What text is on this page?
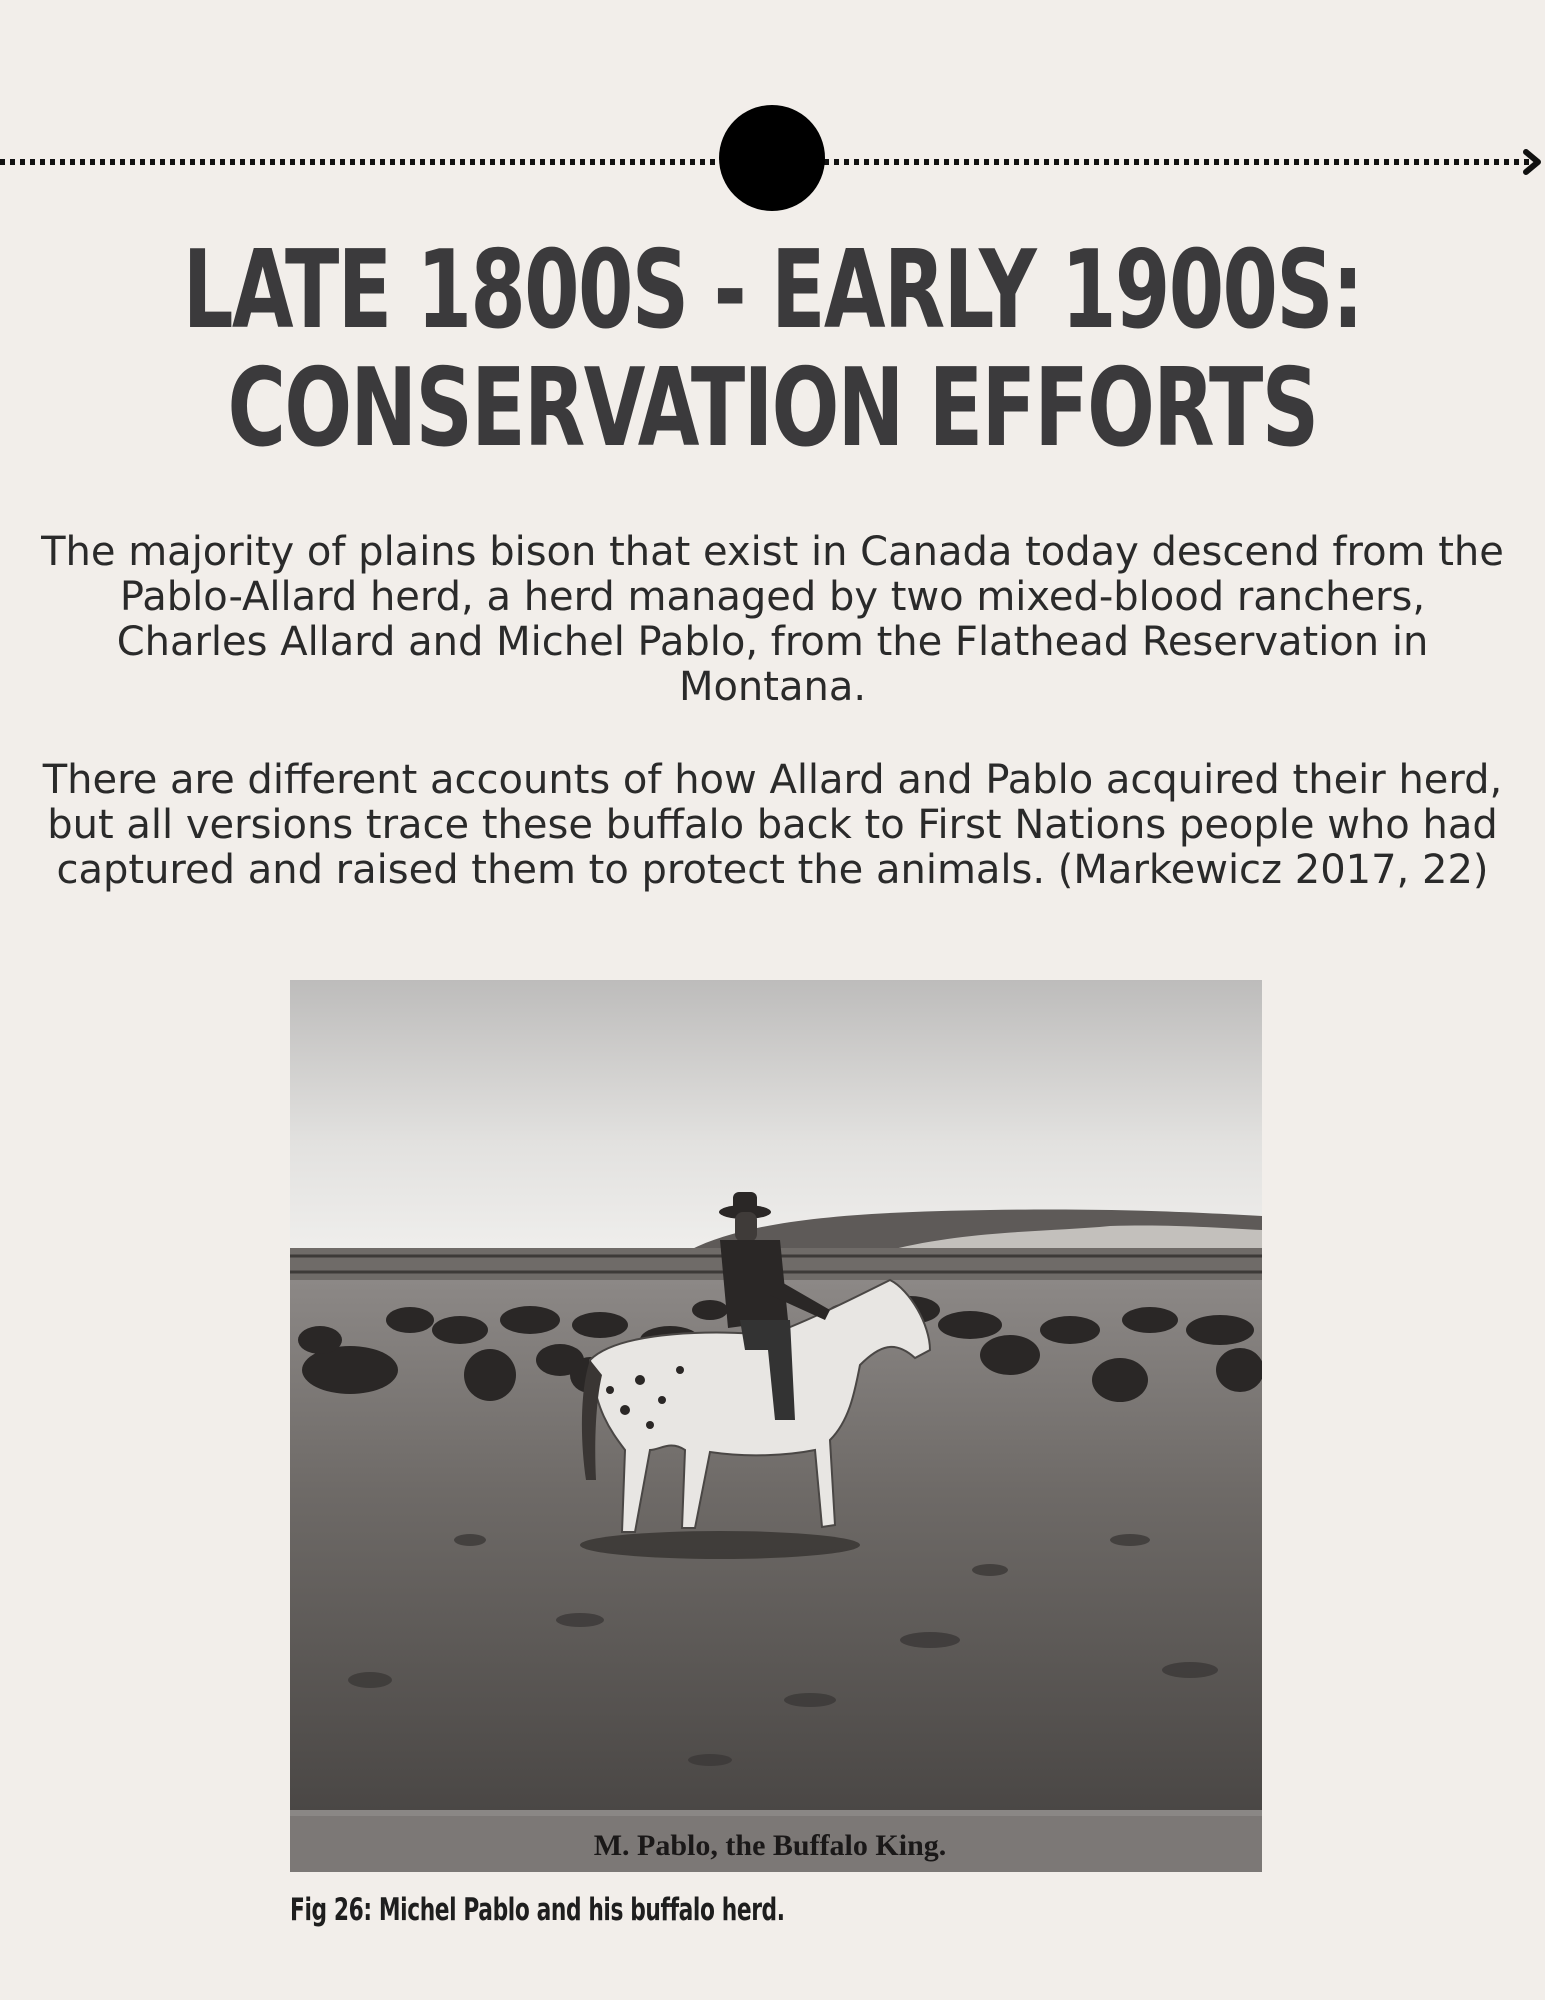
LATE 1800S - EARLY 1900S:
CONSERVATION EFFORTS

The majority of plains bison that exist in Canada today descend from the Pablo-Allard herd, a herd managed by two mixed-blood ranchers, Charles Allard and Michel Pablo, from the Flathead Reservation in Montana.

There are different accounts of how Allard and Pablo acquired their herd, but all versions trace these buffalo back to First Nations people who had captured and raised them to protect the animals. (Markewicz 2017, 22)

M. Pablo, the Buffalo King.
Fig 26: Michel Pablo and his buffalo herd.
